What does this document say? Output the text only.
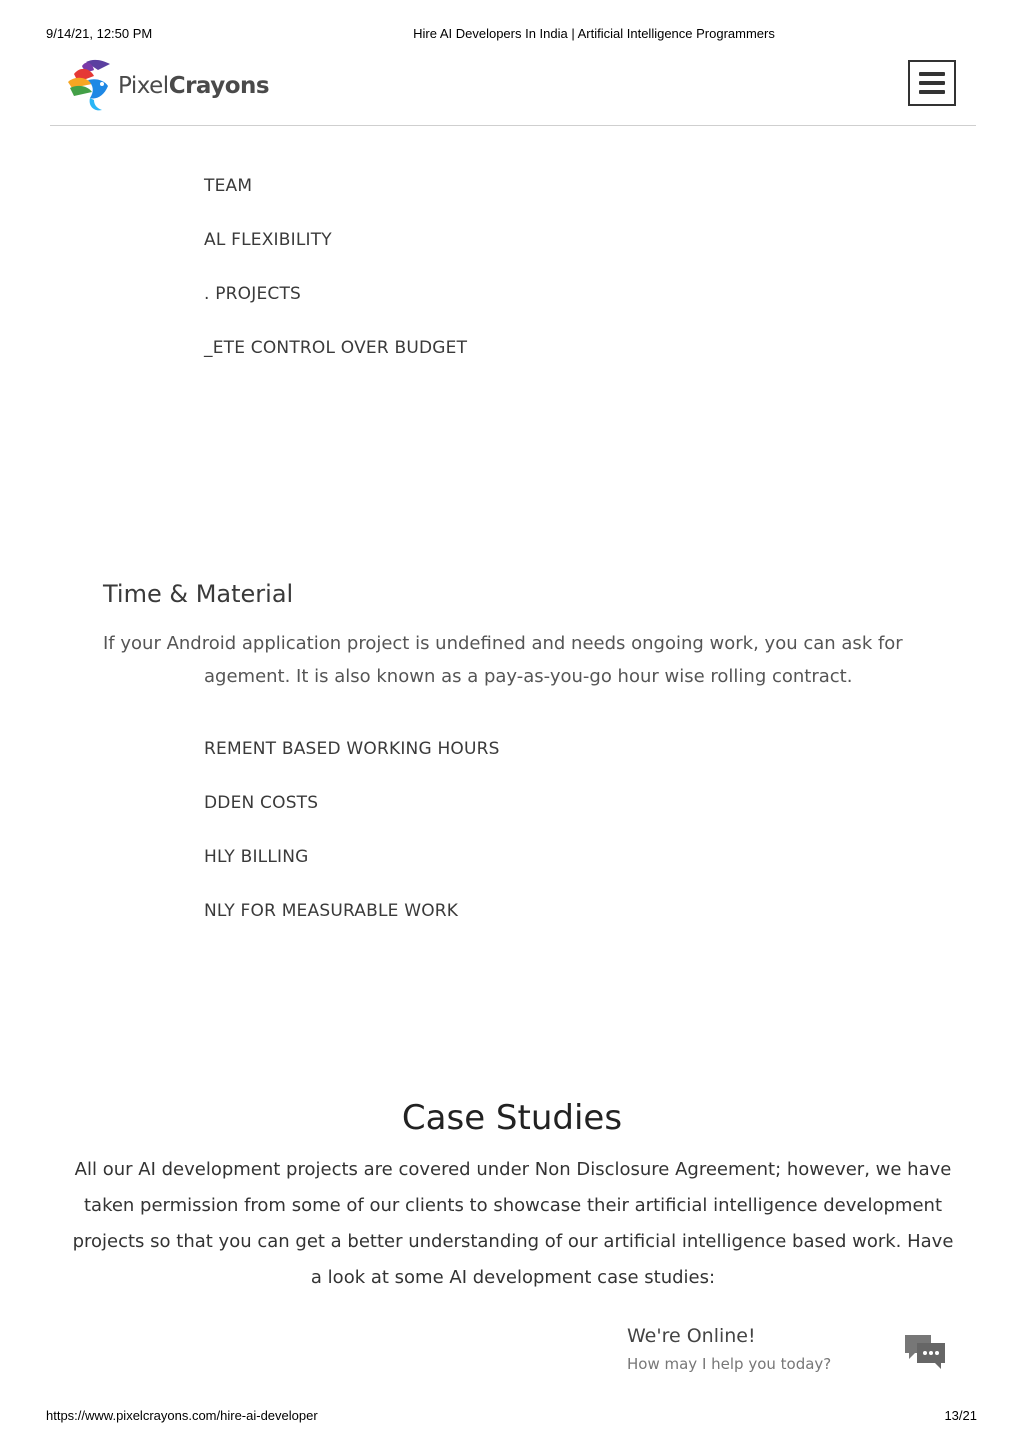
9/14/21, 12:50 PM	Hire AI Developers In India | Artificial Intelligence Programmers
PixelCrayons
TEAM
AL FLEXIBILITY
. PROJECTS
_ETE CONTROL OVER BUDGET
Time & Material
If your Android application project is undefined and needs ongoing work, you can ask for
agement. It is also known as a pay-as-you-go hour wise rolling contract.
REMENT BASED WORKING HOURS
DDEN COSTS
HLY BILLING
NLY FOR MEASURABLE WORK
Case Studies
All our AI development projects are covered under Non Disclosure Agreement; however, we have taken permission from some of our clients to showcase their artificial intelligence development projects so that you can get a better understanding of our artificial intelligence based work. Have a look at some AI development case studies:
We're Online!
How may I help you today?
https://www.pixelcrayons.com/hire-ai-developer	13/21
